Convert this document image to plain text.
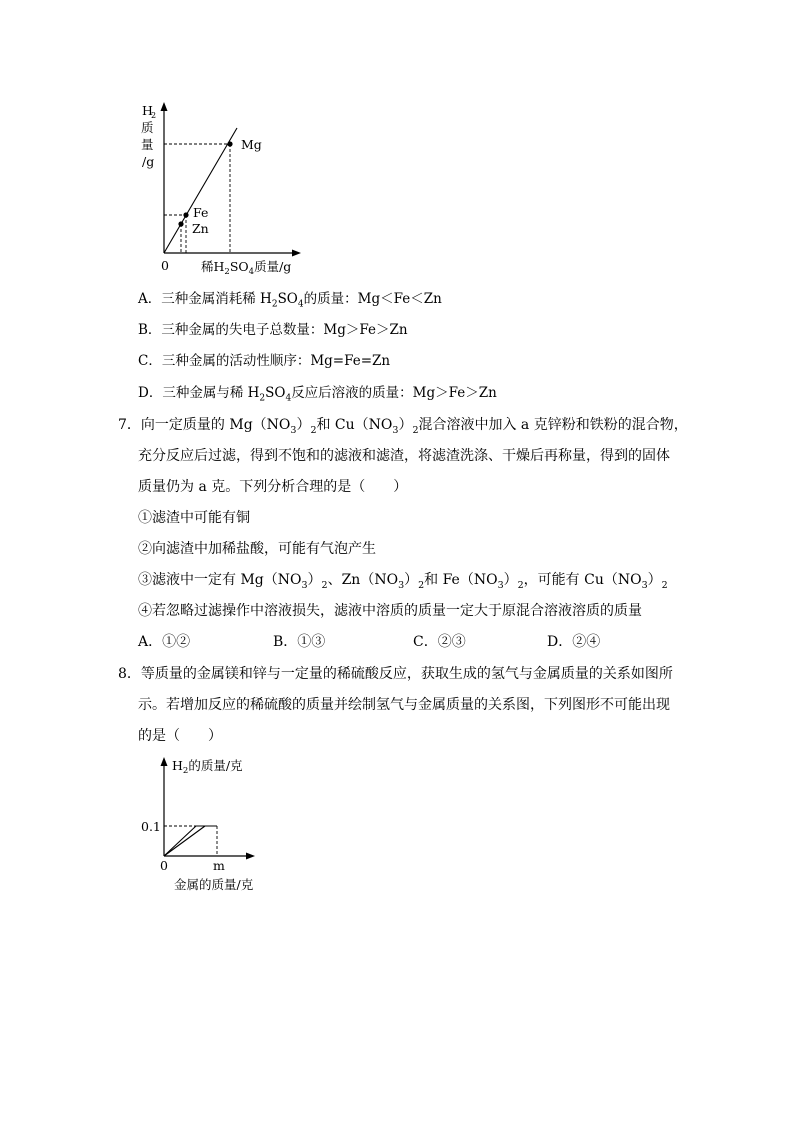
H
2
质
量
/g
Mg
Fe
Zn
0	稀$H_2SO_4$质量/g
A．三种金属消耗稀 $H_2SO_4$的质量：Mg＜Fe＜Zn
B．三种金属的失电子总数量：Mg＞Fe＞Zn
C．三种金属的活动性顺序：Mg=Fe=Zn
D．三种金属与稀 $H_2SO_4$反应后溶液的质量：Mg＞Fe＞Zn
7．向一定质量的 $Mg(NO_3)_2$和 $Cu(NO_3)_2$混合溶液中加入 a 克锌粉和铁粉的混合物，
充分反应后过滤，得到不饱和的滤液和滤渣，将滤渣洗涤、干燥后再称量，得到的固体
质量仍为 a 克。下列分析合理的是（　　）
①滤渣中可能有铜
②向滤渣中加稀盐酸，可能有气泡产生
③滤液中一定有 $Mg(NO_3)_2$、$Zn(NO_3)_2$和 $Fe(NO_3)_2$，可能有 $Cu(NO_3)_2$
④若忽略过滤操作中溶液损失，滤液中溶质的质量一定大于原混合溶液溶质的质量
A．①②	B．①③	C．②③	D．②④
8．等质量的金属镁和锌与一定量的稀硫酸反应，获取生成的氢气与金属质量的关系如图所
示。若增加反应的稀硫酸的质量并绘制氢气与金属质量的关系图，下列图形不可能出现
的是（　　）
$H_2$的质量/克
0.1
0	m
金属的质量/克
